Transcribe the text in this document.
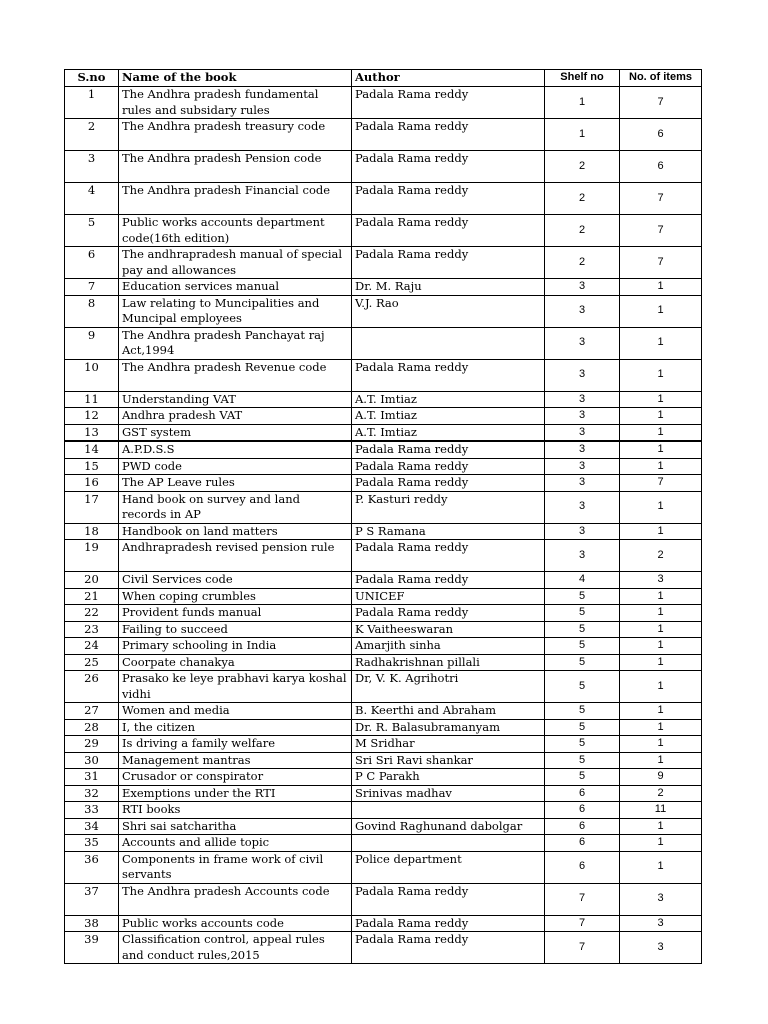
S.no	Name of the book	Author	Shelf no	No. of items
1	The Andhra pradesh fundamental rules and subsidary rules	Padala Rama reddy	1	7
2	The Andhra pradesh treasury code	Padala Rama reddy	1	6
3	The Andhra pradesh Pension code	Padala Rama reddy	2	6
4	The Andhra pradesh Financial code	Padala Rama reddy	2	7
5	Public works accounts department code(16th edition)	Padala Rama reddy	2	7
6	The andhrapradesh manual of special pay and allowances	Padala Rama reddy	2	7
7	Education services manual	Dr. M. Raju	3	1
8	Law relating to Muncipalities and Muncipal employees	V.J. Rao	3	1
9	The Andhra pradesh Panchayat raj Act,1994		3	1
10	The Andhra pradesh Revenue code	Padala Rama reddy	3	1
11	Understanding VAT	A.T. Imtiaz	3	1
12	Andhra pradesh VAT	A.T. Imtiaz	3	1
13	GST system	A.T. Imtiaz	3	1
14	A.P.D.S.S	Padala Rama reddy	3	1
15	PWD code	Padala Rama reddy	3	1
16	The AP Leave rules	Padala Rama reddy	3	7
17	Hand book on survey and land records in AP	P. Kasturi reddy	3	1
18	Handbook on land matters	P S Ramana	3	1
19	Andhrapradesh revised pension rule	Padala Rama reddy	3	2
20	Civil Services code	Padala Rama reddy	4	3
21	When coping crumbles	UNICEF	5	1
22	Provident funds manual	Padala Rama reddy	5	1
23	Failing to succeed	K Vaitheeswaran	5	1
24	Primary schooling in India	Amarjith sinha	5	1
25	Coorpate chanakya	Radhakrishnan pillali	5	1
26	Prasako ke leye prabhavi karya koshal vidhi	Dr, V. K. Agrihotri	5	1
27	Women and media	B. Keerthi and Abraham	5	1
28	I, the citizen	Dr. R. Balasubramanyam	5	1
29	Is driving a family welfare	M Sridhar	5	1
30	Management mantras	Sri Sri Ravi shankar	5	1
31	Crusador or conspirator	P C Parakh	5	9
32	Exemptions under the RTI	Srinivas madhav	6	2
33	RTI books		6	11
34	Shri sai satcharitha	Govind Raghunand dabolgar	6	1
35	Accounts and allide topic		6	1
36	Components in frame work of civil servants	Police department	6	1
37	The Andhra pradesh Accounts code	Padala Rama reddy	7	3
38	Public works accounts code	Padala Rama reddy	7	3
39	Classification control, appeal rules and conduct rules,2015	Padala Rama reddy	7	3
